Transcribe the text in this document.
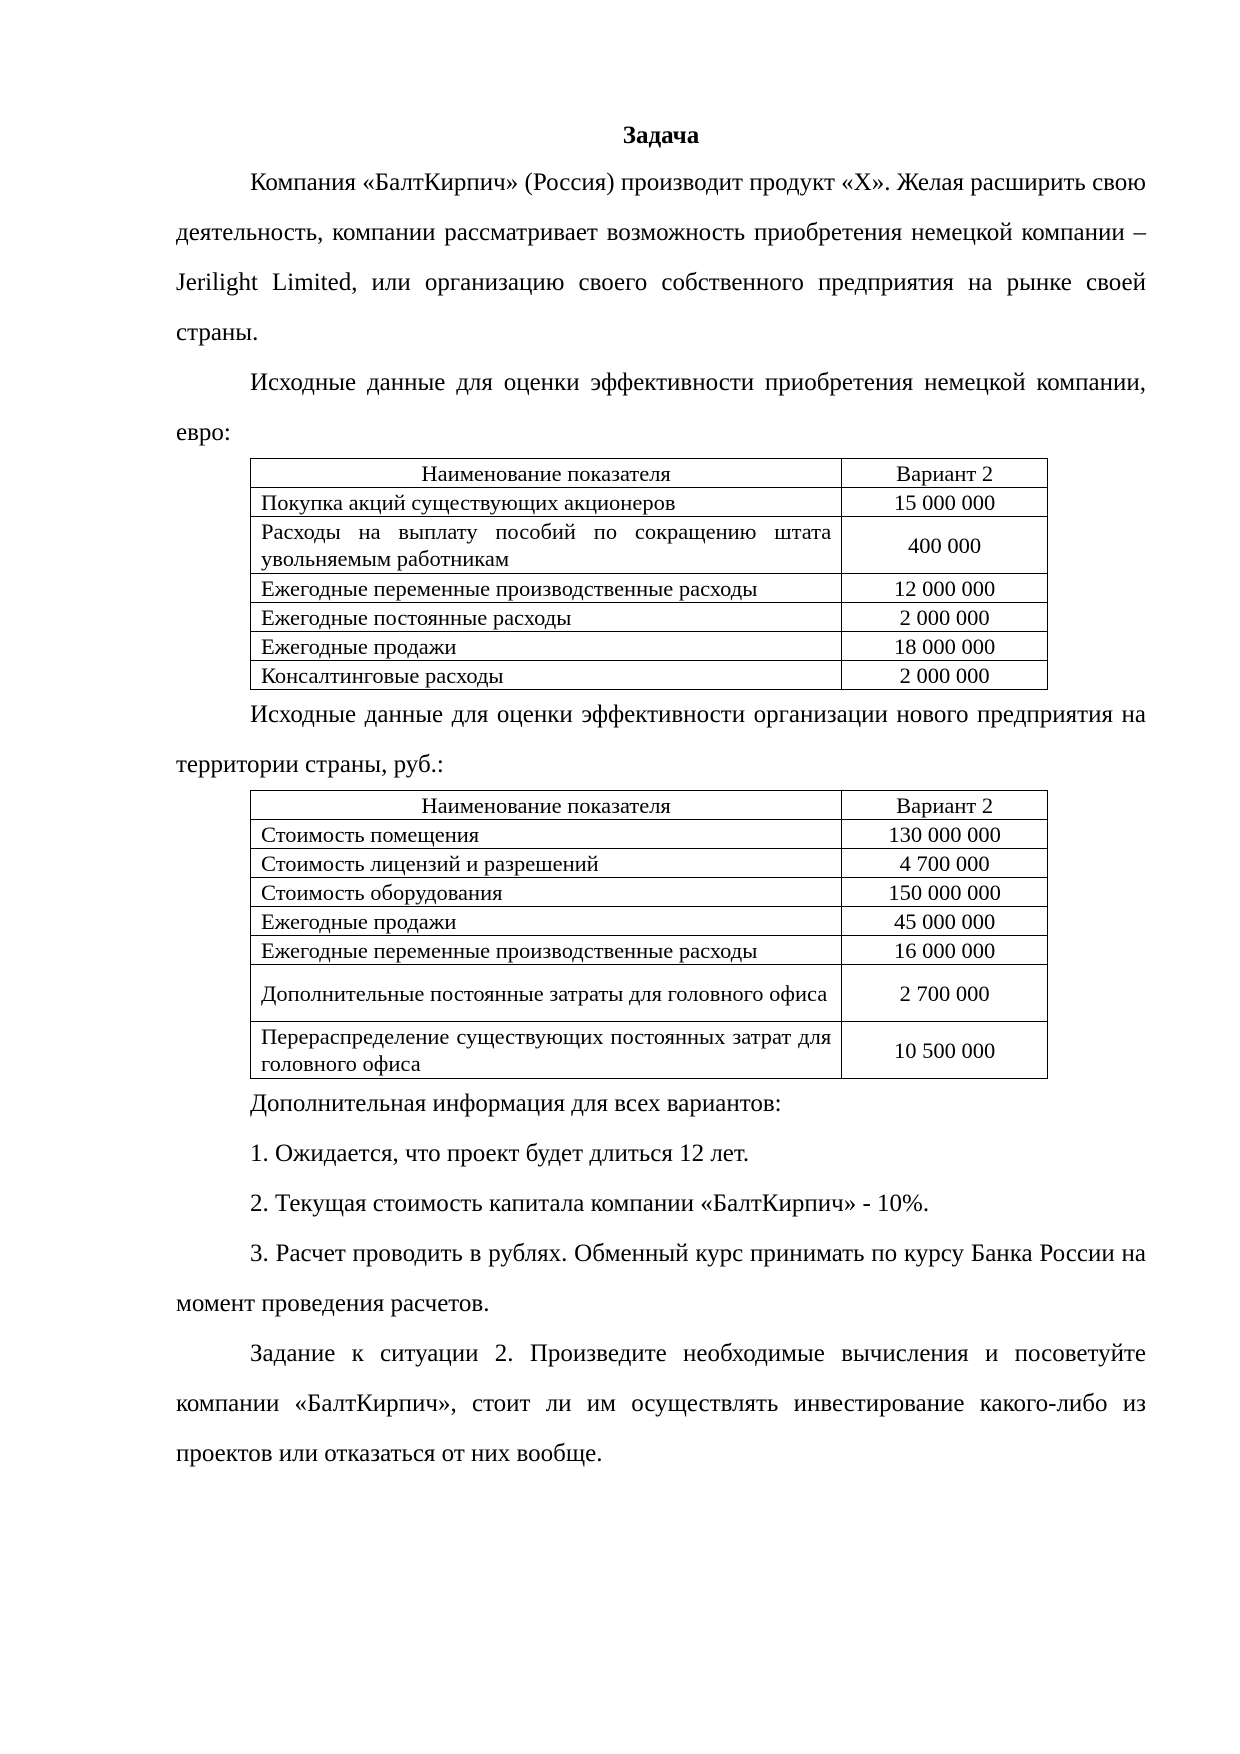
Задача

Компания «БалтКирпич» (Россия) производит продукт «Х». Желая расширить свою деятельность, компании рассматривает возможность приобретения немецкой компании – Jerilight Limited, или организацию своего собственного предприятия на рынке своей страны.

Исходные данные для оценки эффективности приобретения немецкой компании, евро:

Наименование показателя	Вариант 2
Покупка акций существующих акционеров	15 000 000
Расходы на выплату пособий по сокращению штата увольняемым работникам	400 000
Ежегодные переменные производственные расходы	12 000 000
Ежегодные постоянные расходы	2 000 000
Ежегодные продажи	18 000 000
Консалтинговые расходы	2 000 000

Исходные данные для оценки эффективности организации нового предприятия на территории страны, руб.:

Наименование показателя	Вариант 2
Стоимость помещения	130 000 000
Стоимость лицензий и разрешений	4 700 000
Стоимость оборудования	150 000 000
Ежегодные продажи	45 000 000
Ежегодные переменные производственные расходы	16 000 000
Дополнительные постоянные затраты для головного офиса	2 700 000
Перераспределение существующих постоянных затрат для головного офиса	10 500 000

Дополнительная информация для всех вариантов:

1. Ожидается, что проект будет длиться 12 лет.

2. Текущая стоимость капитала компании «БалтКирпич» - 10%.

3. Расчет проводить в рублях. Обменный курс принимать по курсу Банка России на момент проведения расчетов.

Задание к ситуации 2. Произведите необходимые вычисления и посоветуйте компании «БалтКирпич», стоит ли им осуществлять инвестирование какого-либо из проектов или отказаться от них вообще.
